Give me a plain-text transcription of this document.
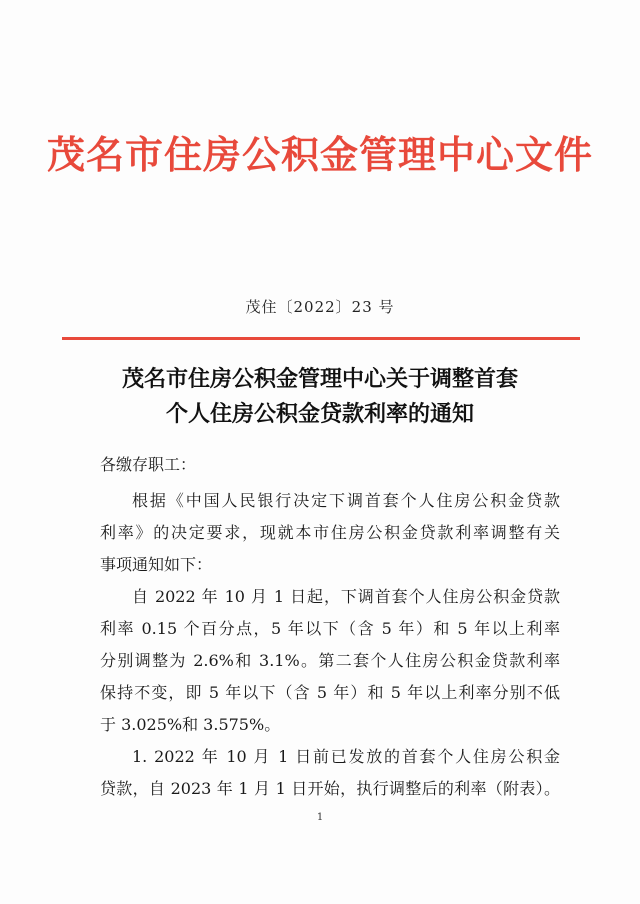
茂名市住房公积金管理中心文件
茂住〔2022〕23 号
茂名市住房公积金管理中心关于调整首套
个人住房公积金贷款利率的通知
各缴存职工：
根据《中国人民银行决定下调首套个人住房公积金贷款
利率》的决定要求，现就本市住房公积金贷款利率调整有关
事项通知如下：
自 2022 年 10 月 1 日起，下调首套个人住房公积金贷款
利率 0.15 个百分点，5 年以下（含 5 年）和 5 年以上利率
分别调整为 2.6%和 3.1%。第二套个人住房公积金贷款利率
保持不变，即 5 年以下（含 5 年）和 5 年以上利率分别不低
于 3.025%和 3.575%。
1. 2022 年 10 月 1 日前已发放的首套个人住房公积金
贷款，自 2023 年 1 月 1 日开始，执行调整后的利率（附表）。
1
